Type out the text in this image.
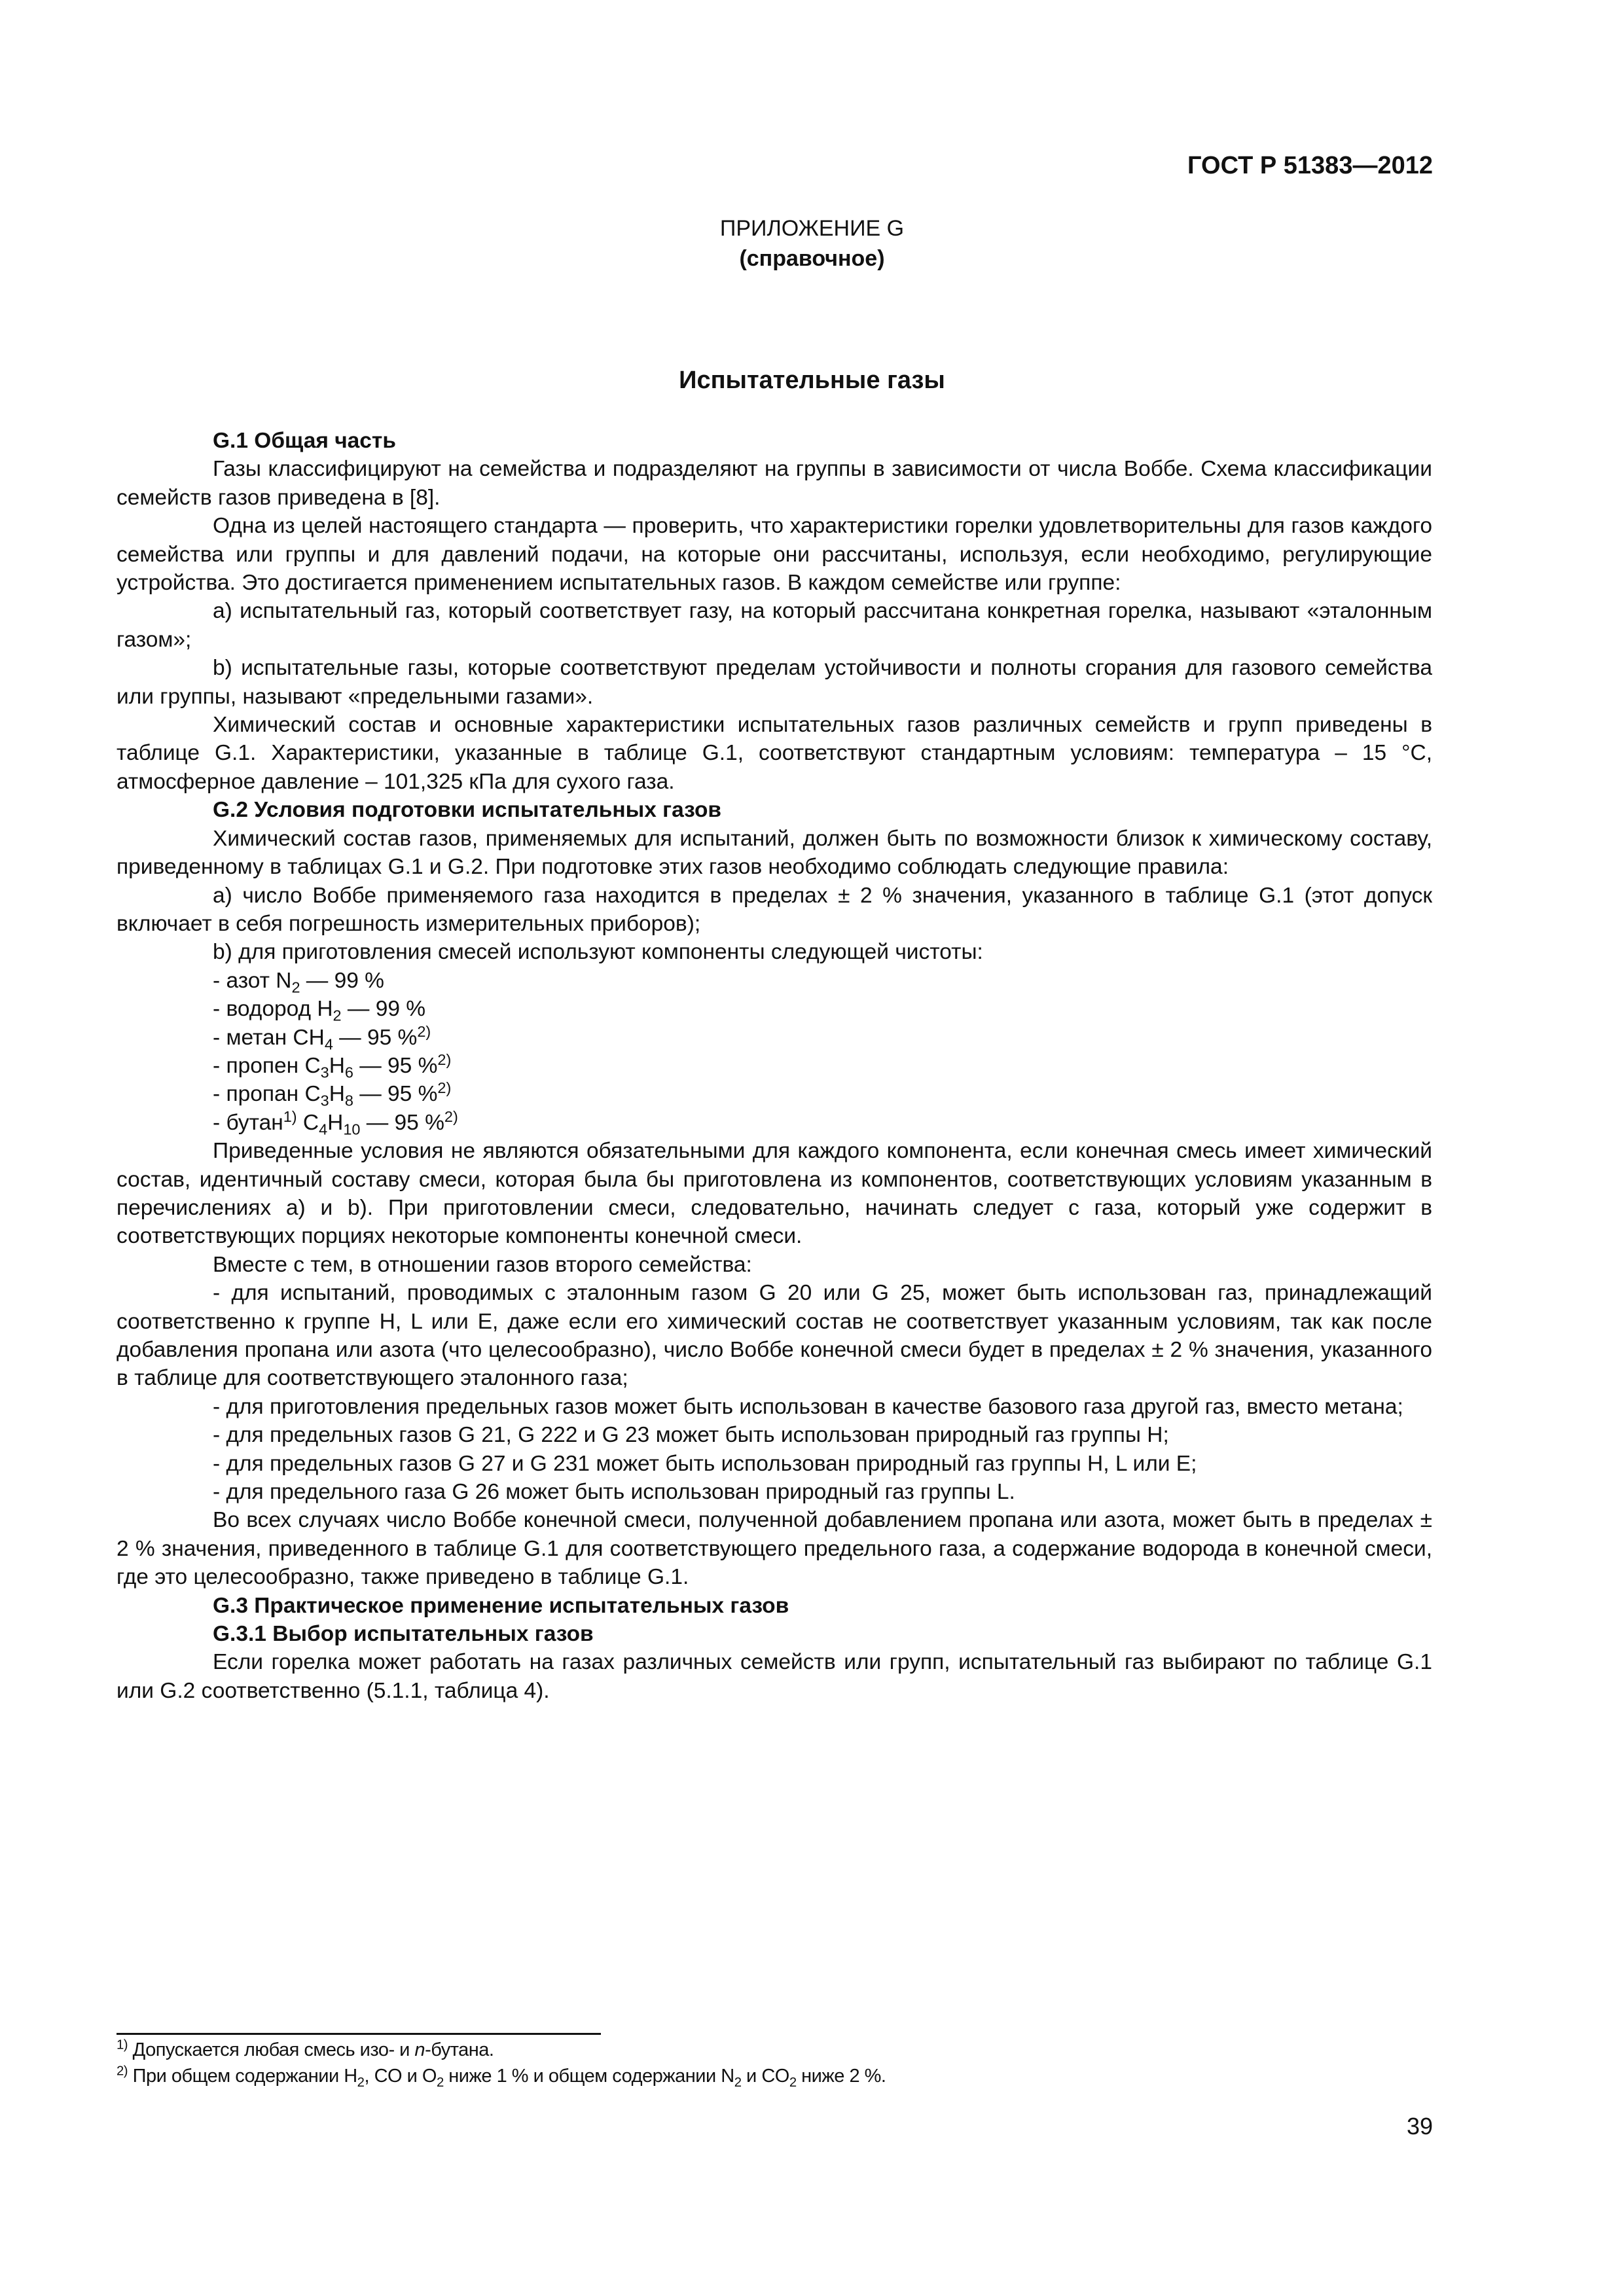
ГОСТ Р 51383—2012
ПРИЛОЖЕНИЕ G
(справочное)
Испытательные газы

G.1 Общая часть

Газы классифицируют на семейства и подразделяют на группы в зависимости от числа Воббе. Схема классификации семейств газов приведена в [8].

Одна из целей настоящего стандарта — проверить, что характеристики горелки удовлетворительны для газов каждого семейства или группы и для давлений подачи, на которые они рассчитаны, используя, если необходимо, регулирующие устройства. Это достигается применением испытательных газов. В каждом семействе или группе:

а) испытательный газ, который соответствует газу, на который рассчитана конкретная горелка, называют «эталонным газом»;

b) испытательные газы, которые соответствуют пределам устойчивости и полноты сгорания для газового семейства или группы, называют «предельными газами».

Химический состав и основные характеристики испытательных газов различных семейств и групп приведены в таблице G.1. Характеристики, указанные в таблице G.1, соответствуют стандартным условиям: температура – 15 °С, атмосферное давление – 101,325 кПа для сухого газа.

G.2 Условия подготовки испытательных газов

Химический состав газов, применяемых для испытаний, должен быть по возможности близок к химическому составу, приведенному в таблицах G.1 и G.2. При подготовке этих газов необходимо соблюдать следующие правила:

а) число Воббе применяемого газа находится в пределах ± 2 % значения, указанного в таблице G.1 (этот допуск включает в себя погрешность измерительных приборов);

b) для приготовления смесей используют компоненты следующей чистоты:

- азот $N_2$ — 99 %

- водород $H_2$ — 99 %

- метан $CH_4$ — 95 %$^{2)}$

- пропен $C_3H_6$ — 95 %$^{2)}$

- пропан $C_3H_8$ — 95 %$^{2)}$

- бутан$^{1)}$ $C_4H_{10}$ — 95 %$^{2)}$

Приведенные условия не являются обязательными для каждого компонента, если конечная смесь имеет химический состав, идентичный составу смеси, которая была бы приготовлена из компонентов, соответствующих условиям указанным в перечислениях а) и b). При приготовлении смеси, следовательно, начинать следует с газа, который уже содержит в соответствующих порциях некоторые компоненты конечной смеси.

Вместе с тем, в отношении газов второго семейства:

- для испытаний, проводимых с эталонным газом G 20 или G 25, может быть использован газ, принадлежащий соответственно к группе H, L или E, даже если его химический состав не соответствует указанным условиям, так как после добавления пропана или азота (что целесообразно), число Воббе конечной смеси будет в пределах ± 2 % значения, указанного в таблице для соответствующего эталонного газа;

- для приготовления предельных газов может быть использован в качестве базового газа другой газ, вместо метана;

- для предельных газов G 21, G 222 и G 23 может быть использован природный газ группы H;

- для предельных газов G 27 и G 231 может быть использован природный газ группы H, L или E;

- для предельного газа G 26 может быть использован природный газ группы L.

Во всех случаях число Воббе конечной смеси, полученной добавлением пропана или азота, может быть в пределах ± 2 % значения, приведенного в таблице G.1 для соответствующего предельного газа, а содержание водорода в конечной смеси, где это целесообразно, также приведено в таблице G.1.

G.3 Практическое применение испытательных газов

G.3.1 Выбор испытательных газов

Если горелка может работать на газах различных семейств или групп, испытательный газ выбирают по таблице G.1 или G.2 соответственно (5.1.1, таблица 4).

$^{1)}$ Допускается любая смесь изо- и n-бутана.

$^{2)}$ При общем содержании $H_2$, CO и $O_2$ ниже 1 % и общем содержании $N_2$ и $CO_2$ ниже 2 %.

39
